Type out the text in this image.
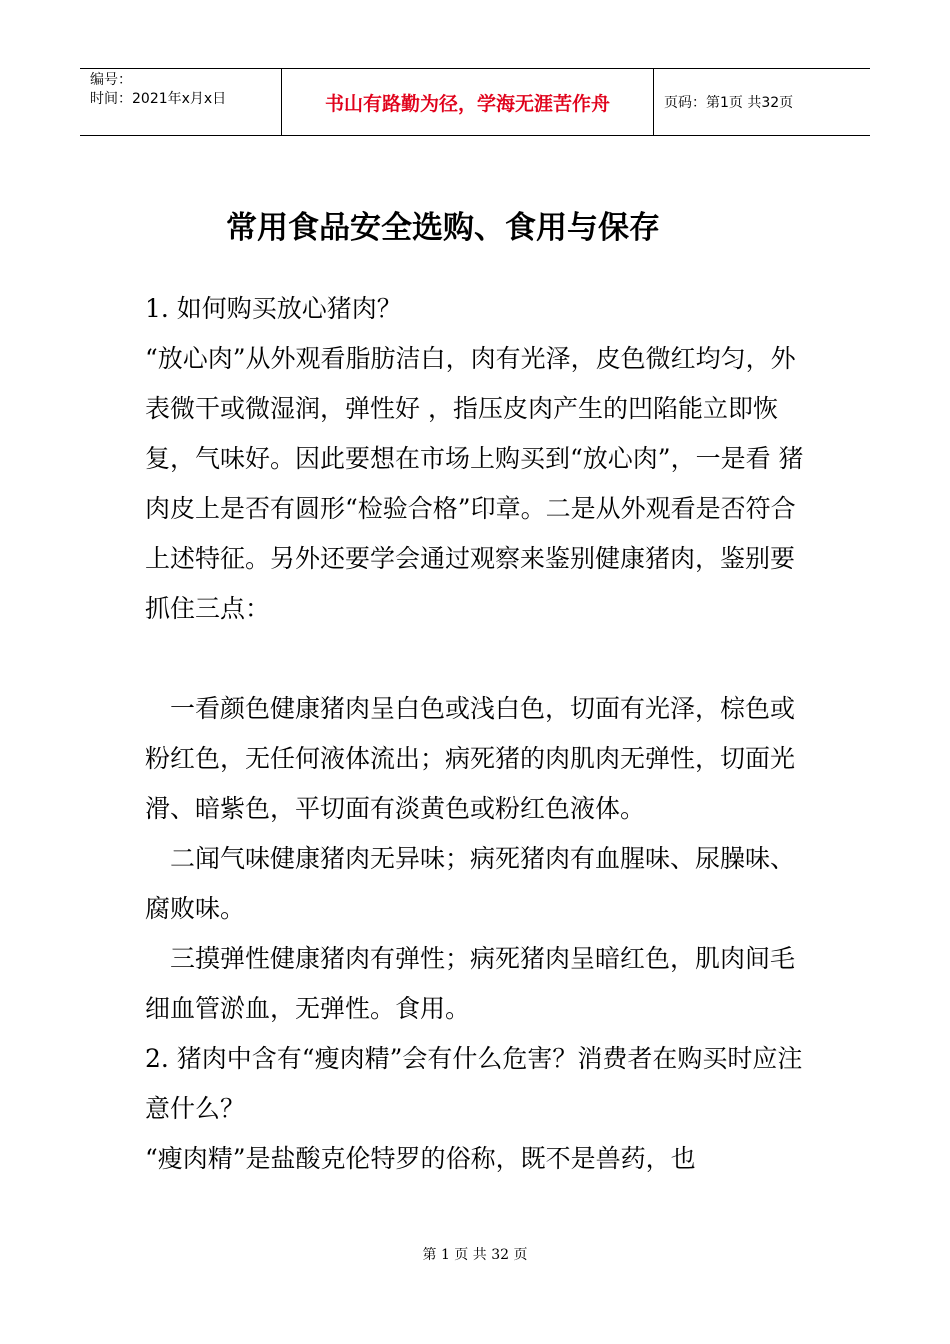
编号：
时间：2021年x月x日	书山有路勤为径，学海无涯苦作舟	页码：第1页 共32页
常用食品安全选购、食用与保存

1. 如何购买放心猪肉？

“放心肉”从外观看脂肪洁白，肉有光泽，皮色微红均匀，外表微干或微湿润，弹性好 ，指压皮肉产生的凹陷能立即恢复，气味好。因此要想在市场上购买到“放心肉”，一是看 猪肉皮上是否有圆形“检验合格”印章。二是从外观看是否符合上述特征。另外还要学会通过观察来鉴别健康猪肉，鉴别要抓住三点：

一看颜色健康猪肉呈白色或浅白色，切面有光泽，棕色或粉红色，无任何液体流出；病死猪的肉肌肉无弹性，切面光滑、暗紫色，平切面有淡黄色或粉红色液体。

二闻气味健康猪肉无异味；病死猪肉有血腥味、尿臊味、腐败味。

三摸弹性健康猪肉有弹性；病死猪肉呈暗红色，肌肉间毛细血管淤血，无弹性。食用。

2. 猪肉中含有“瘦肉精”会有什么危害？消费者在购买时应注意什么？

“瘦肉精”是盐酸克伦特罗的俗称，既不是兽药，也

第 1 页 共 32 页
